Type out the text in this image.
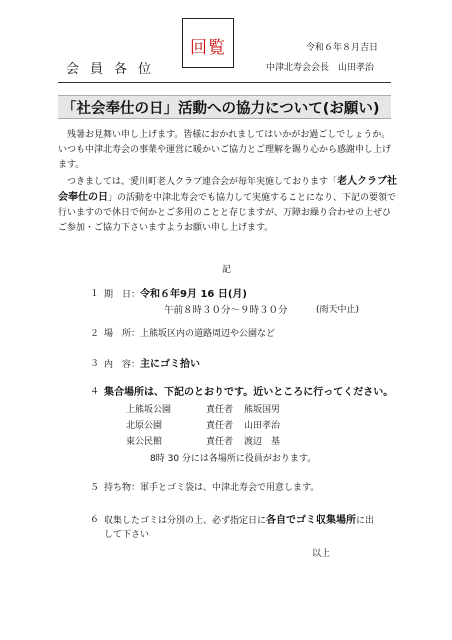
回覧	令和６年８月吉日
会員各位	中津北寿会会長　山田孝治
「社会奉仕の日」活動への協力について(お願い)

残暑お見舞い申し上げます。皆様におかれましてはいかがお過ごしでしょうか。いつも中津北寿会の事業や運営に暖かいご協力とご理解を賜り心から感謝申し上げます。

つきましては、愛川町老人クラブ連合会が毎年実施しております「老人クラブ社会奉仕の日」の活動を中津北寿会でも協力して実施することになり、下記の要領で行いますので休日で何かとご多用のことと存じますが、万障お繰り合わせの上ぜひご参加・ご協力下さいますようお願い申し上げます。

記
１ 期　日：令和６年9月 16 日(月)
午前８時３０分～９時３０分	(雨天中止)
２ 場　所：上熊坂区内の道路周辺や公園など
３ 内　容：主にゴミ拾い
４ 集合場所は、下記のとおりです。近いところに行ってください。
上熊坂公園	責任者 熊坂国男
北原公園	責任者 山田孝治
東公民館	責任者 渡辺　基
8時 30 分には各場所に役員がおります。
５ 持ち物：軍手とゴミ袋は、中津北寿会で用意します。
６ 収集したゴミは分別の上、必ず指定日に各自でゴミ収集場所に出
して下さい
以上
